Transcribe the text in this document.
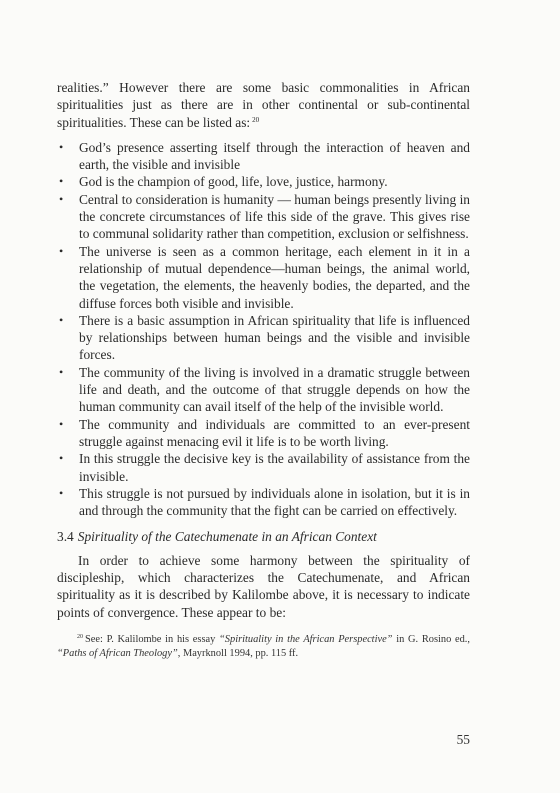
realities.” However there are some basic commonalities in African spiritualities just as there are in other continental or sub-continental spiritualities. These can be listed as: $^{20}$

• God’s presence asserting itself through the interaction of heaven and earth, the visible and invisible
• God is the champion of good, life, love, justice, harmony.
• Central to consideration is humanity — human beings presently living in the concrete circumstances of life this side of the grave. This gives rise to communal solidarity rather than competition, exclusion or selfishness.
• The universe is seen as a common heritage, each element in it in a relationship of mutual dependence—human beings, the animal world, the vegetation, the elements, the heavenly bodies, the departed, and the diffuse forces both visible and invisible.
• There is a basic assumption in African spirituality that life is influenced by relationships between human beings and the visible and invisible forces.
• The community of the living is involved in a dramatic struggle between life and death, and the outcome of that struggle depends on how the human community can avail itself of the help of the invisible world.
• The community and individuals are committed to an ever-present struggle against menacing evil it life is to be worth living.
• In this struggle the decisive key is the availability of assistance from the invisible.
• This struggle is not pursued by individuals alone in isolation, but it is in and through the community that the fight can be carried on effectively.

3.4 Spirituality of the Catechumenate in an African Context

In order to achieve some harmony between the spirituality of discipleship, which characterizes the Catechumenate, and African spirituality as it is described by Kalilombe above, it is necessary to indicate points of convergence. These appear to be:

$^{20}$ See: P. Kalilombe in his essay “Spirituality in the African Perspective” in G. Rosino ed., “Paths of African Theology”, Mayrknoll 1994, pp. 115 ff.

55
